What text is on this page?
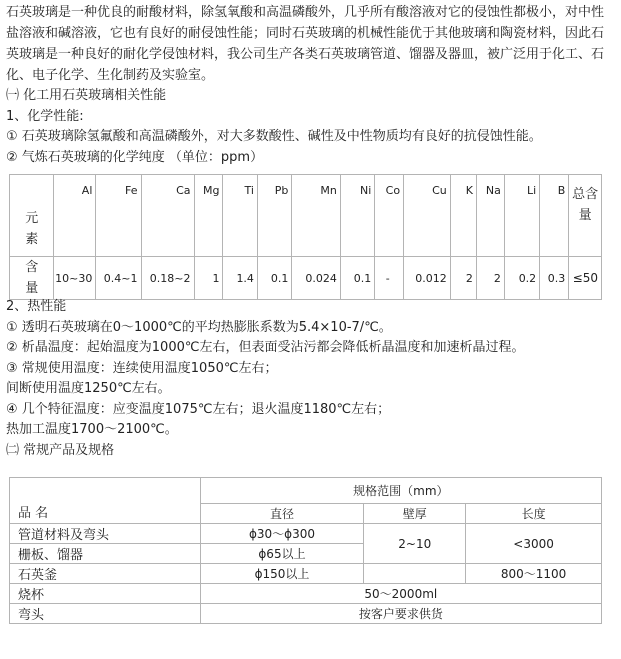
石英玻璃是一种优良的耐酸材料，除氢氧酸和高温磷酸外，几乎所有酸溶液对它的侵蚀性都极小，对中性盐溶液和碱溶液，它也有良好的耐侵蚀性能；同时石英玻璃的机械性能优于其他玻璃和陶瓷材料，因此石英玻璃是一种良好的耐化学侵蚀材料，我公司生产各类石英玻璃管道、馏器及器皿，被广泛用于化工、石化、电子化学、生化制药及实验室。

㈠ 化工用石英玻璃相关性能

1、化学性能:

① 石英玻璃除氢氟酸和高温磷酸外，对大多数酸性、碱性及中性物质均有良好的抗侵蚀性能。

② 气炼石英玻璃的化学纯度 （单位：ppm）

元素	Al	Fe	Ca	Mg	Ti	Pb	Mn	Ni	Co	Cu	K	Na	Li	B	总含量

含量	10~30	0.4~1	0.18~2	1	1.4	0.1	0.024	0.1	-	0.012	2	2	0.2	0.3	≤50

2、热性能

① 透明石英玻璃在0～1000℃的平均热膨胀系数为5.4×10-7/℃。

② 析晶温度：起始温度为1000℃左右，但表面受沾污都会降低析晶温度和加速析晶过程。

③ 常规使用温度：连续使用温度1050℃左右；

间断使用温度1250℃左右。

④ 几个特征温度：应变温度1075℃左右；退火温度1180℃左右；

热加工温度1700～2100℃。

㈡ 常规产品及规格

品 名	规格范围（mm）		
	直径	壁厚	长度
管道材料及弯头	ɸ30～ɸ300	2~10	<3000
栅板、馏器	ɸ65以上		
石英釜	ɸ150以上		800～1100
烧杯	50～2000ml		
弯头	按客户要求供货		
